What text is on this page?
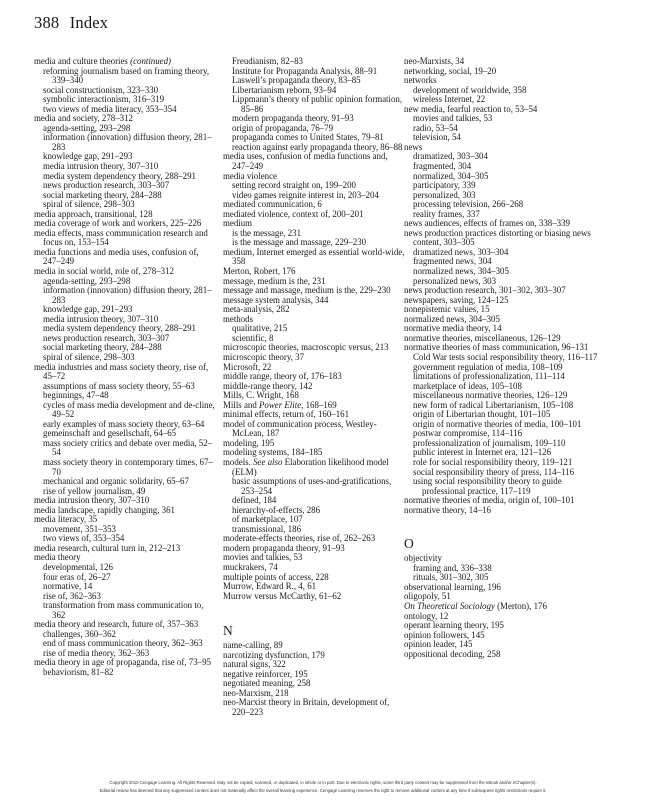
388 Index
media and culture theories (continued)
reforming journalism based on framing theory, 339–340
social constructionism, 323–330
symbolic interactionism, 316–319
two views of media literacy, 353–354
media and society, 278–312
agenda-setting, 293–298
information (innovation) diffusion theory, 281–283
knowledge gap, 291–293
media intrusion theory, 307–310
media system dependency theory, 288–291
news production research, 303–307
social marketing theory, 284–288
spiral of silence, 298–303
media approach, transitional, 128
media coverage of work and workers, 225–226
media effects, mass communication research and focus on, 153–154
media functions and media uses, confusion of, 247–249
media in social world, role of, 278–312
agenda-setting, 293–298
information (innovation) diffusion theory, 281–283
knowledge gap, 291–293
media intrusion theory, 307–310
media system dependency theory, 288–291
news production research, 303–307
social marketing theory, 284–288
spiral of silence, 298–303
media industries and mass society theory, rise of, 45–72
assumptions of mass society theory, 55–63
beginnings, 47–48
cycles of mass media development and de-cline, 49–52
early examples of mass society theory, 63–64
gemeinschaft and gesellschaft, 64–65
mass society critics and debate over media, 52–54
mass society theory in contemporary times, 67–70
mechanical and organic solidarity, 65–67
rise of yellow journalism, 49
media intrusion theory, 307–310
media landscape, rapidly changing, 361
media literacy, 35
movement, 351–353
two views of, 353–354
media research, cultural turn in, 212–213
media theory
developmental, 126
four eras of, 26–27
normative, 14
rise of, 362–363
transformation from mass communication to, 362
media theory and research, future of, 357–363
challenges, 360–362
end of mass communication theory, 362–363
rise of media theory, 362–363
media theory in age of propaganda, rise of, 73–95
behaviorism, 81–82
Freudianism, 82–83
Institute for Propaganda Analysis, 88–91
Laswell’s propaganda theory, 83–85
Libertarianism reborn, 93–94
Lippmann’s theory of public opinion formation, 85–86
modern propaganda theory, 91–93
origin of propaganda, 76–79
propaganda comes to United States, 79–81
reaction against early propaganda theory, 86–88
media uses, confusion of media functions and, 247–249
media violence
setting record straight on, 199–200
video games reignite interest in, 203–204
mediated communication, 6
mediated violence, context of, 200–201
medium
is the message, 231
is the message and massage, 229–230
medium, Internet emerged as essential world-wide, 358
Merton, Robert, 176
message, medium is the, 231
message and massage, medium is the, 229–230
message system analysis, 344
meta-analysis, 282
methods
qualitative, 215
scientific, 8
microscopic theories, macroscopic versus, 213
microscopic theory, 37
Microsoft, 22
middle range, theory of, 176–183
middle-range theory, 142
Mills, C. Wright, 168
Mills and Power Elite, 168–169
minimal effects, return of, 160–161
model of communication process, Westley-McLean, 187
modeling, 195
modeling systems, 184–185
models. See also Elaboration likelihood model (ELM)
basic assumptions of uses-and-gratifications, 253–254
defined, 184
hierarchy-of-effects, 286
of marketplace, 107
transmissional, 186
moderate-effects theories, rise of, 262–263
modern propaganda theory, 91–93
movies and talkies, 53
muckrakers, 74
multiple points of access, 228
Murrow, Edward R., 4, 61
Murrow versus McCarthy, 61–62
N
name-calling, 89
narcotizing dysfunction, 179
natural signs, 322
negative reinforcer, 195
negotiated meaning, 258
neo-Marxism, 218
neo-Marxist theory in Britain, development of, 220–223
neo-Marxists, 34
networking, social, 19–20
networks
development of worldwide, 358
wireless Internet, 22
new media, fearful reaction to, 53–54
movies and talkies, 53
radio, 53–54
television, 54
news
dramatized, 303–304
fragmented, 304
normalized, 304–305
participatory, 339
personalized, 303
processing television, 266–268
reality frames, 337
news audiences, effects of frames on, 338–339
news production practices distorting or biasing news content, 303–305
dramatized news, 303–304
fragmented news, 304
normalized news, 304–305
personalized news, 303
news production research, 301–302, 303–307
newspapers, saving, 124–125
nonepistemic values, 15
normalized news, 304–305
normative media theory, 14
normative theories, miscellaneous, 126–129
normative theories of mass communication, 96–131
Cold War tests social responsibility theory, 116–117
government regulation of media, 108–109
limitations of professionalization, 111–114
marketplace of ideas, 105–108
miscellaneous normative theories, 126–129
new form of radical Libertarianism, 105–108
origin of Libertarian thought, 101–105
origin of normative theories of media, 100–101
postwar compromise, 114–116
professionalization of journalism, 109–110
public interest in Internet era, 121–126
role for social responsibility theory, 119–121
social responsibility theory of press, 114–116
using social responsibility theory to guide professional practice, 117–119
normative theories of media, origin of, 100–101
normative theory, 14–16
O
objectivity
framing and, 336–338
rituals, 301–302, 305
observational learning, 196
oligopoly, 51
On Theoretical Sociology (Merton), 176
ontology, 12
operant learning theory, 195
opinion followers, 145
opinion leader, 145
oppositional decoding, 258
Copyright 2010 Cengage Learning. All Rights Reserved. May not be copied, scanned, or duplicated, in whole or in part. Due to electronic rights, some third party content may be suppressed from the eBook and/or eChapter(s).
Editorial review has deemed that any suppressed content does not materially affect the overall learning experience. Cengage Learning reserves the right to remove additional content at any time if subsequent rights restrictions require it.
